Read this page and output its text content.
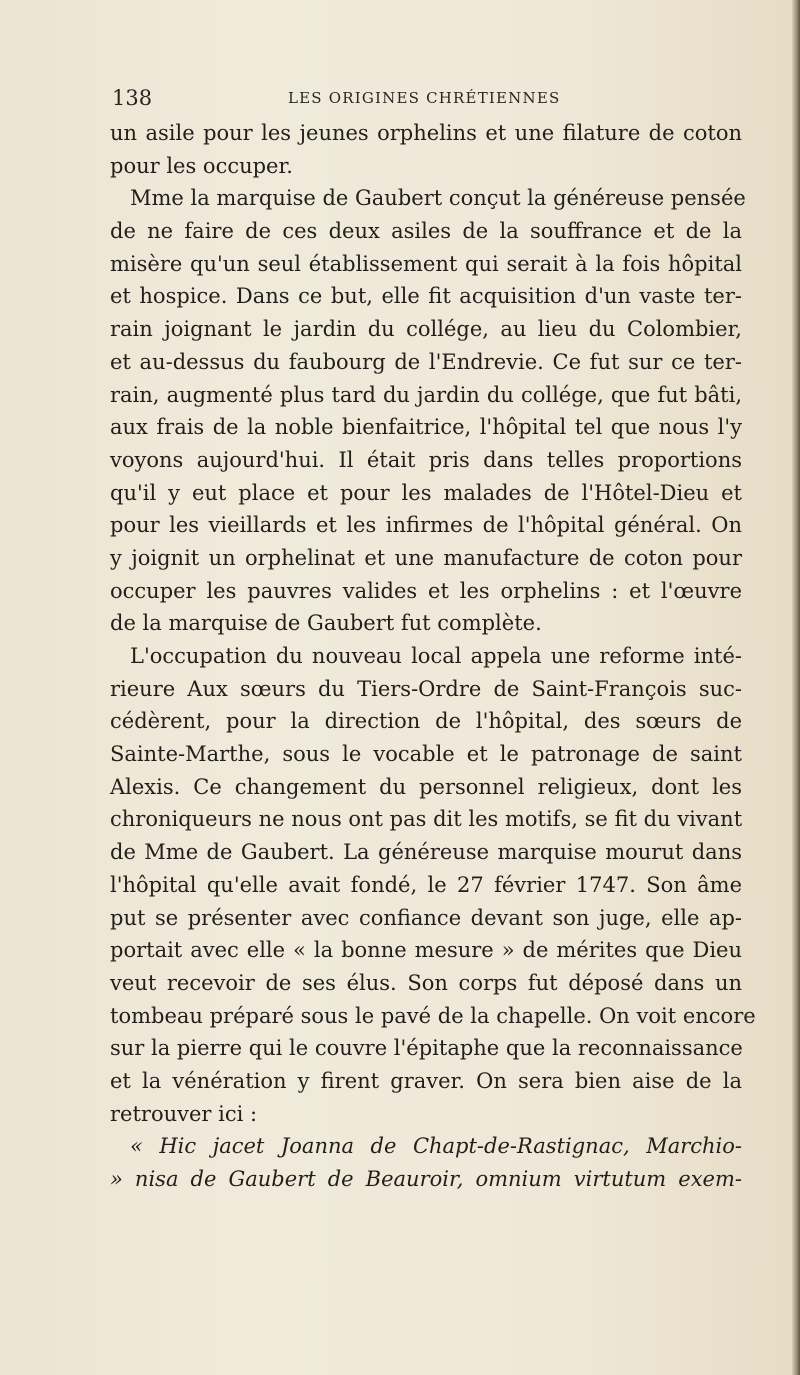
138	LES ORIGINES CHRÉTIENNES
un asile pour les jeunes orphelins et une filature de coton
pour les occuper.
Mme la marquise de Gaubert conçut la généreuse pensée
de ne faire de ces deux asiles de la souffrance et de la
misère qu'un seul établissement qui serait à la fois hôpital
et hospice. Dans ce but, elle fit acquisition d'un vaste ter-
rain joignant le jardin du collége, au lieu du Colombier,
et au-dessus du faubourg de l'Endrevie. Ce fut sur ce ter-
rain, augmenté plus tard du jardin du collége, que fut bâti,
aux frais de la noble bienfaitrice, l'hôpital tel que nous l'y
voyons aujourd'hui. Il était pris dans telles proportions
qu'il y eut place et pour les malades de l'Hôtel-Dieu et
pour les vieillards et les infirmes de l'hôpital général. On
y joignit un orphelinat et une manufacture de coton pour
occuper les pauvres valides et les orphelins : et l'œuvre
de la marquise de Gaubert fut complète.
L'occupation du nouveau local appela une reforme inté-
rieure Aux sœurs du Tiers-Ordre de Saint-François suc-
cédèrent, pour la direction de l'hôpital, des sœurs de
Sainte-Marthe, sous le vocable et le patronage de saint
Alexis. Ce changement du personnel religieux, dont les
chroniqueurs ne nous ont pas dit les motifs, se fit du vivant
de Mme de Gaubert. La généreuse marquise mourut dans
l'hôpital qu'elle avait fondé, le 27 février 1747. Son âme
put se présenter avec confiance devant son juge, elle ap-
portait avec elle « la bonne mesure » de mérites que Dieu
veut recevoir de ses élus. Son corps fut déposé dans un
tombeau préparé sous le pavé de la chapelle. On voit encore
sur la pierre qui le couvre l'épitaphe que la reconnaissance
et la vénération y firent graver. On sera bien aise de la
retrouver ici :
« Hic jacet Joanna de Chapt-de-Rastignac, Marchio-
» nisa de Gaubert de Beauroir, omnium virtutum exem-
